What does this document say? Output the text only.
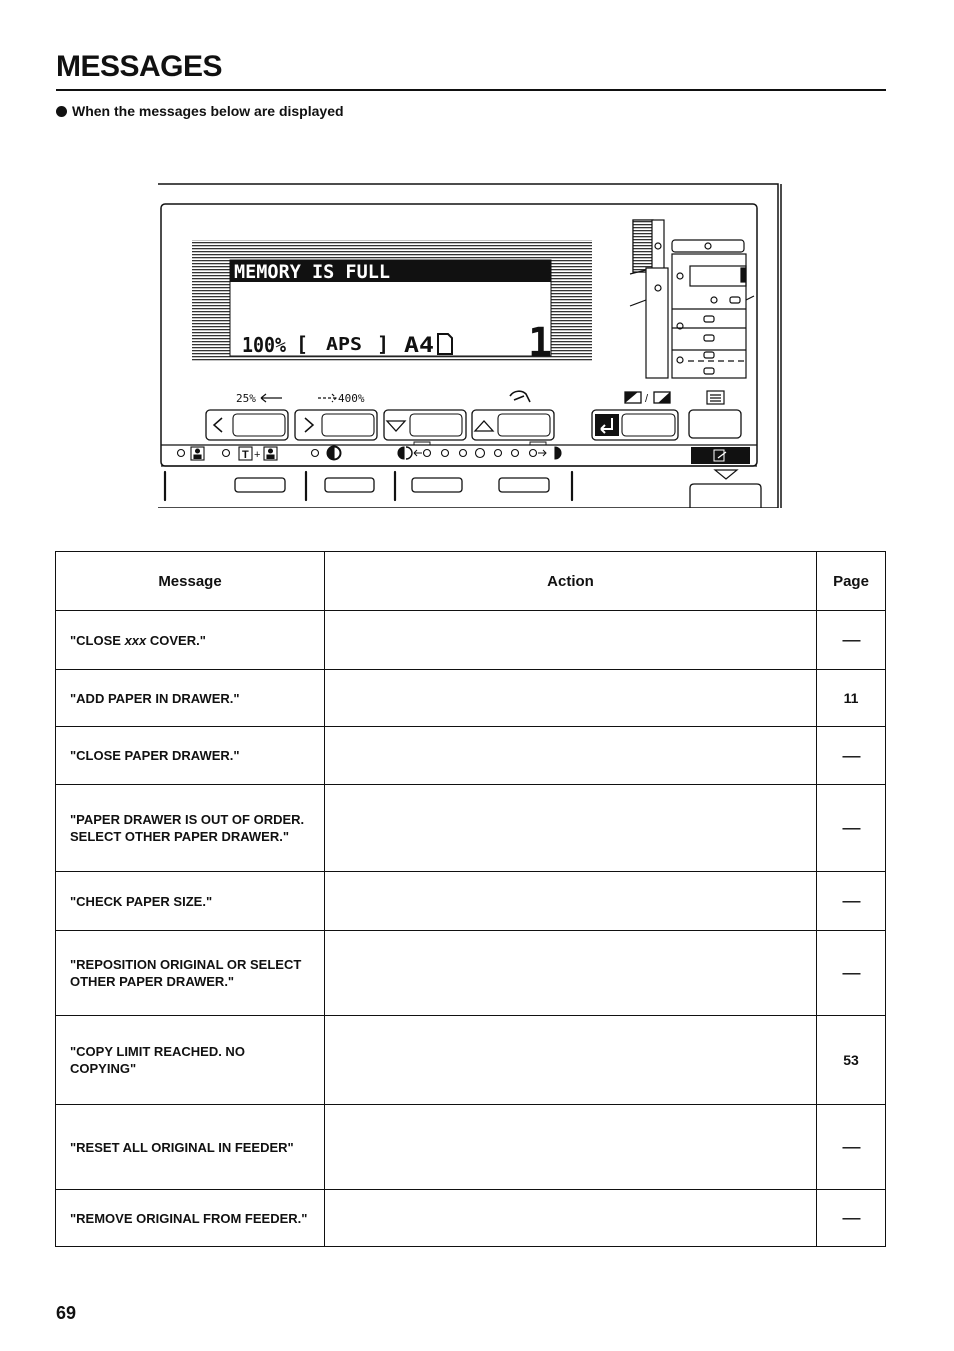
MESSAGES
When the messages below are displayed
MEMORY IS FULL
100% [ APS ] A4 1
25%	400%	/
T +
Message	Action	Page
"CLOSE xxx COVER."		------
"ADD PAPER IN DRAWER."		11
"CLOSE PAPER DRAWER."		------

"PAPER DRAWER IS OUT OF ORDER.
SELECT OTHER PAPER DRAWER."		------
"CHECK PAPER SIZE."		------

"REPOSITION ORIGINAL OR SELECT
OTHER PAPER DRAWER."		------
"COPY LIMIT REACHED. NO COPYING"		53
"RESET ALL ORIGINAL IN FEEDER"		------
"REMOVE ORIGINAL FROM FEEDER."		------
69
